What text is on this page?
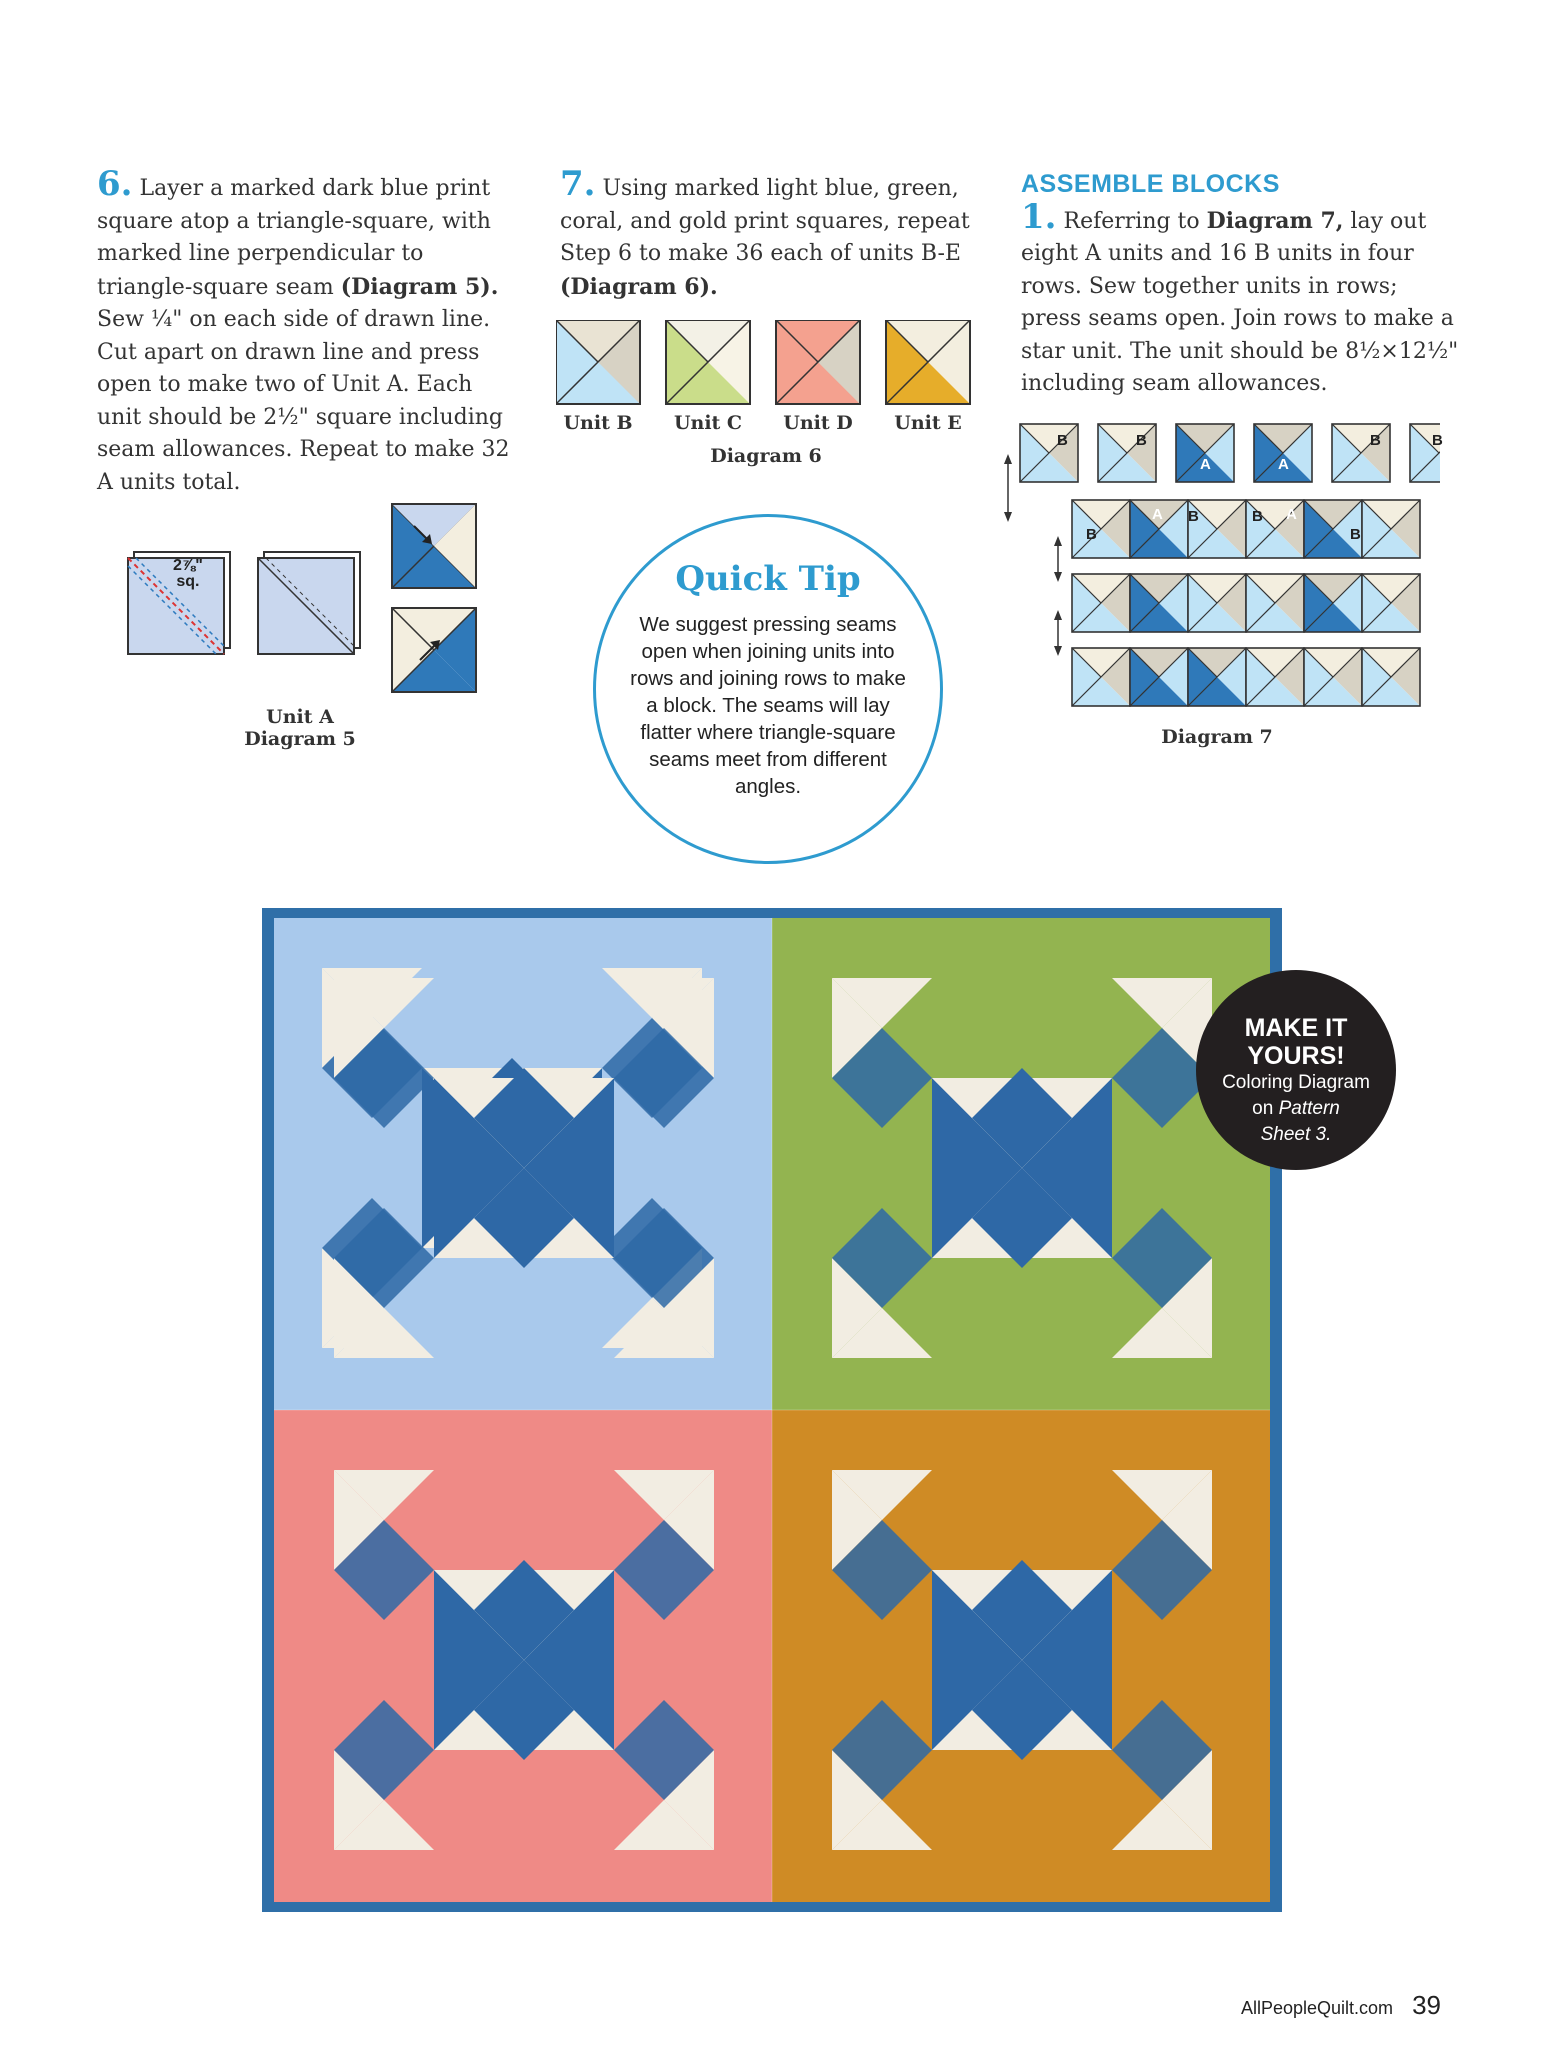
6. Layer a marked dark blue print square atop a triangle-square, with marked line perpendicular to triangle-square seam (Diagram 5). Sew ¼" on each side of drawn line. Cut apart on drawn line and press open to make two of Unit A. Each unit should be 2½" square including seam allowances. Repeat to make 32 A units total.
7. Using marked light blue, green, coral, and gold print squares, repeat Step 6 to make 36 each of units B-E (Diagram 6).
ASSEMBLE BLOCKS
1. Referring to Diagram 7, lay out eight A units and 16 B units in four rows. Sew together units in rows; press seams open. Join rows to make a star unit. The unit should be 8½×12½" including seam allowances.
2⅞"
sq.
Unit A
Diagram 5
Unit B	Unit C	Unit D	Unit E
Diagram 6
B	B
A	A
B	B
B
A B	B A
B
Diagram 7
Quick Tip
We suggest pressing seams open when joining units into rows and joining rows to make a block. The seams will lay flatter where triangle-square seams meet from different angles.
MAKE IT
YOURS!
Coloring Diagram
on Pattern
Sheet 3.
AllPeopleQuilt.com 39
